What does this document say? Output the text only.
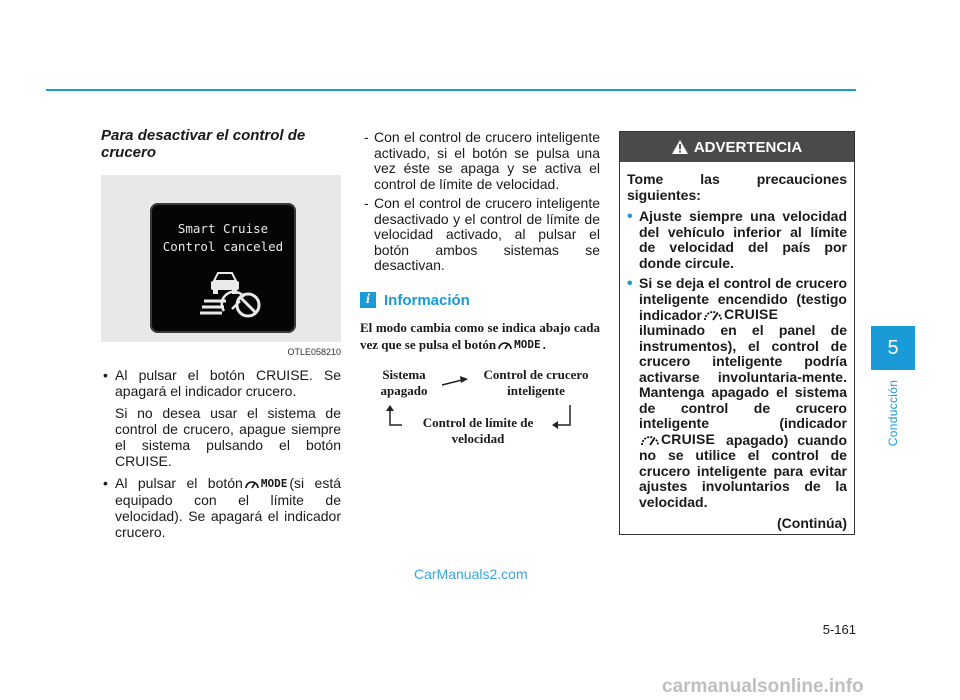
Para desactivar el control de crucero
Smart Cruise
Control canceled
OTLE058210

• Al pulsar el botón CRUISE. Se apagará el indicador crucero.

Si no desea usar el sistema de control de crucero, apague siempre el sistema pulsando el botón CRUISE.

• Al pulsar el botón MODE (si está equipado con el límite de velocidad). Se apagará el indicador crucero.
- Con el control de crucero inteligente activado, si el botón se pulsa una vez éste se apaga y se activa el control de límite de velocidad.
- Con el control de crucero inteligente desactivado y el control de límite de velocidad activado, al pulsar el botón ambos sistemas se desactivan.
i Información
El modo cambia como se indica abajo cada vez que se pulsa el botón MODE .
Sistema apagado
Control de crucero inteligente
Control de límite de velocidad
ADVERTENCIA

Tome las precauciones
siguientes:

• Ajuste siempre una velocidad del vehículo inferior al límite de velocidad del país por donde circule.
• Si se deja el control de crucero inteligente encendido (testigo indicador CRUISE
iluminado en el panel de instrumentos), el control de crucero inteligente podría activarse involuntaria-mente. Mantenga apagado el sistema de control de crucero inteligente (indicador
CRUISE apagado) cuando no se utilice el control de crucero inteligente para evitar ajustes involuntarios de la velocidad.
(Continúa)
5
Conducción
5-161
CarManuals2.com
carmanualsonline.info
